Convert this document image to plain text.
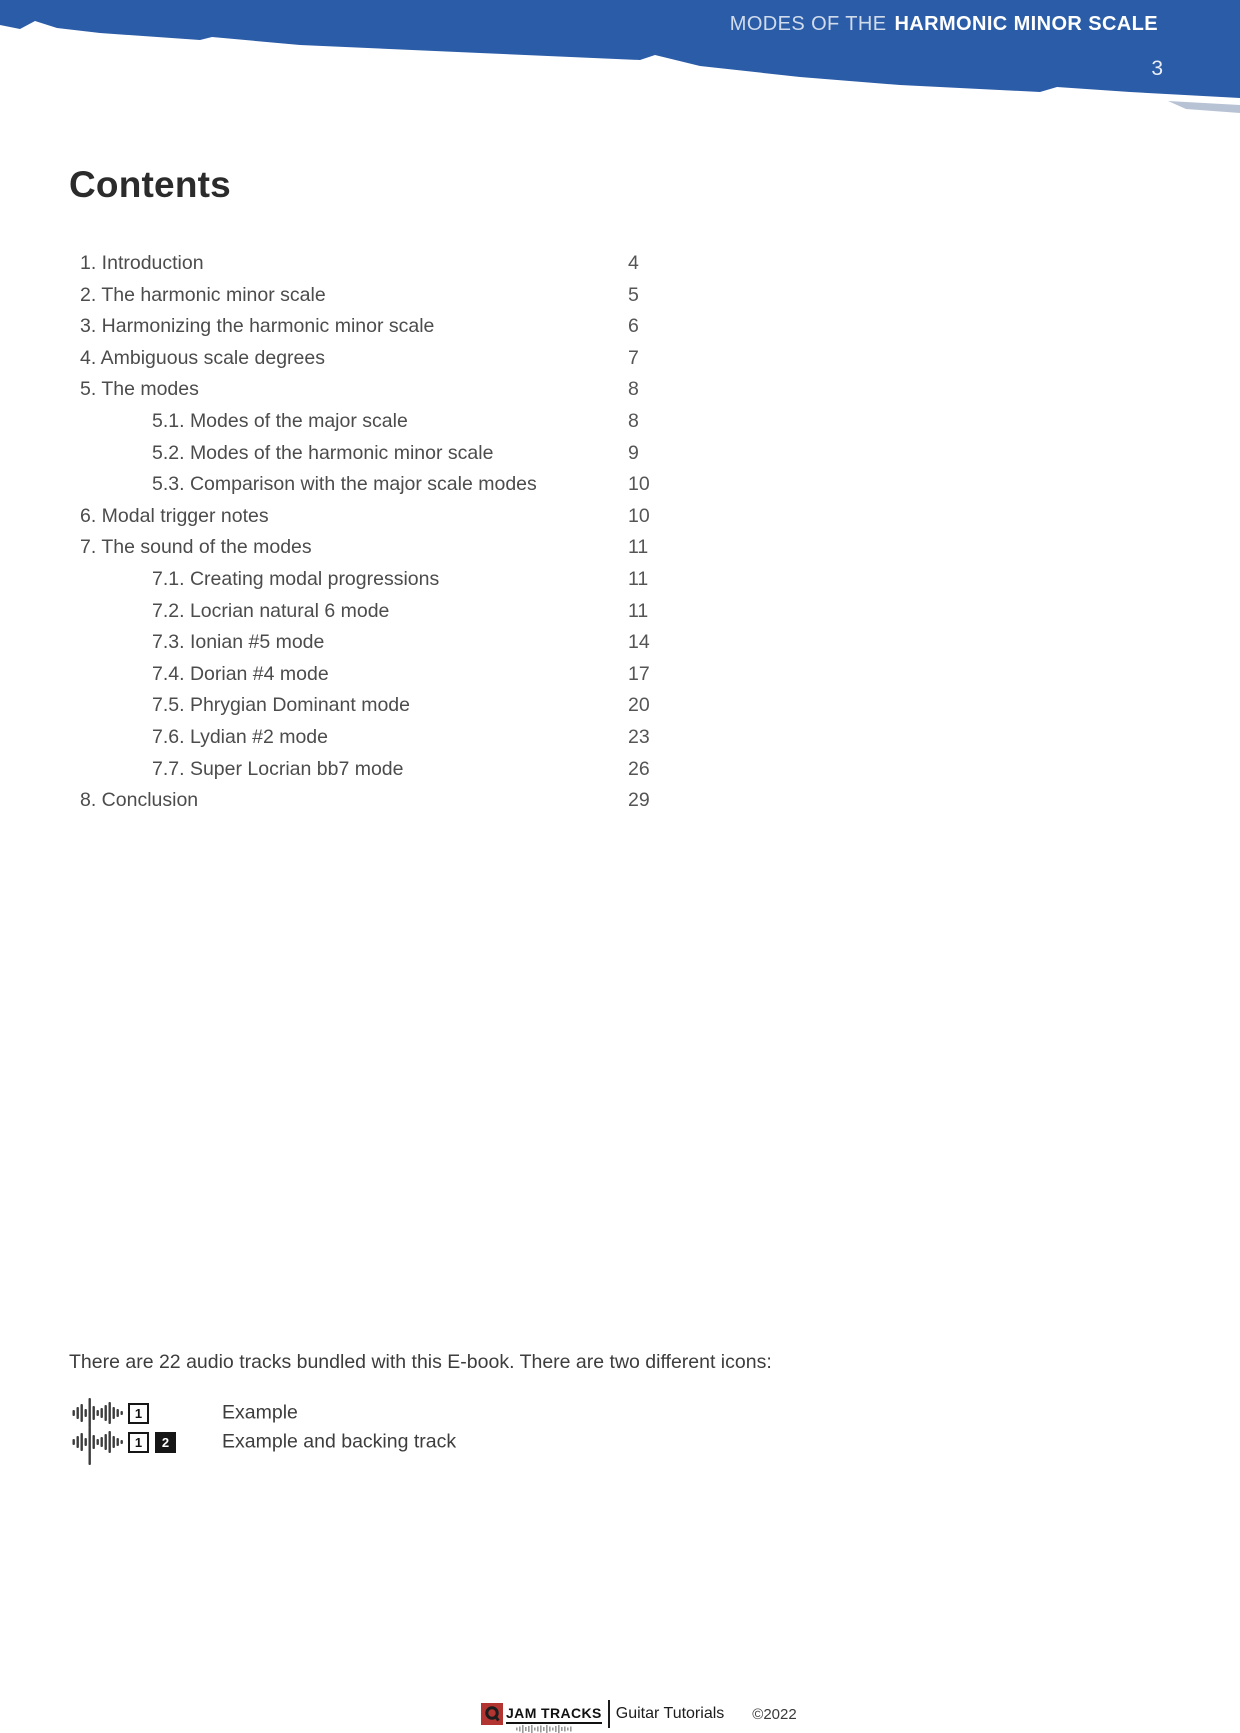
MODES OF THE HARMONIC MINOR SCALE
3
Contents
1. Introduction	4
2. The harmonic minor scale	5
3. Harmonizing the harmonic minor scale	6
4. Ambiguous scale degrees	7
5. The modes	8
5.1. Modes of the major scale	8
5.2. Modes of the harmonic minor scale	9
5.3. Comparison with the major scale modes	10
6. Modal trigger notes	10
7. The sound of the modes	11
7.1. Creating modal progressions	11
7.2. Locrian natural 6 mode	11
7.3. Ionian #5 mode	14
7.4. Dorian #4 mode	17
7.5. Phrygian Dominant mode	20
7.6. Lydian #2 mode	23
7.7. Super Locrian bb7 mode	26
8. Conclusion	29

There are 22 audio tracks bundled with this E-book. There are two different icons:

1	Example
1	2	Example and backing track
JAM TRACKS Guitar Tutorials ©2022
